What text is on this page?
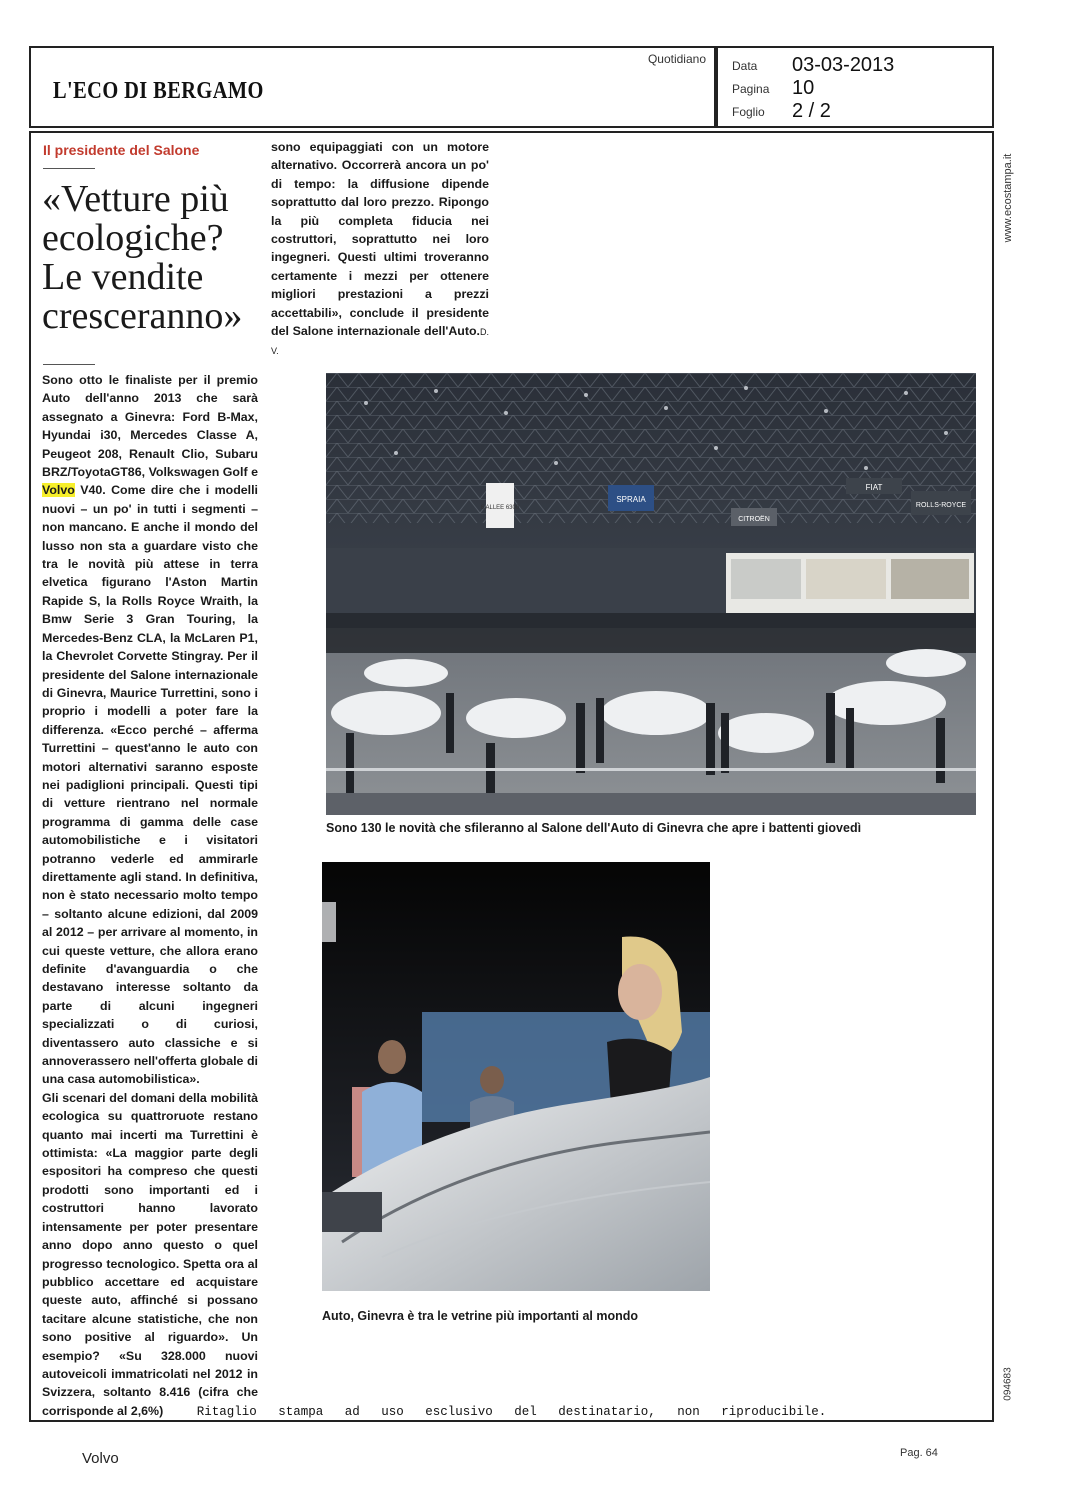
L'ECO DI BERGAMO
Quotidiano Data	03-03-2013
Pagina	10
Foglio	2 / 2
Il presidente del Salone
«Vetture più ecologiche? Le vendite cresceranno»

sono equipaggiati con un motore alternativo. Occorrerà ancora un po' di tempo: la diffusione dipende soprattutto dal loro prezzo. Ripongo la più completa fiducia nei costruttori, soprattutto nei loro ingegneri. Questi ultimi troveranno certamente i mezzi per ottenere migliori prestazioni a prezzi accettabili», conclude il presidente del Salone internazionale dell'Auto.D. V.

Sono otto le finaliste per il premio Auto dell'anno 2013 che sarà assegnato a Ginevra: Ford B-Max, Hyundai i30, Mercedes Classe A, Peugeot 208, Renault Clio, Subaru BRZ/ToyotaGT86, Volkswagen Golf e Volvo V40. Come dire che i modelli nuovi – un po' in tutti i segmenti – non mancano. E anche il mondo del lusso non sta a guardare visto che tra le novità più attese in terra elvetica figurano l'Aston Martin Rapide S, la Rolls Royce Wraith, la Bmw Serie 3 Gran Touring, la Mercedes-Benz CLA, la McLaren P1, la Chevrolet Corvette Stingray. Per il presidente del Salone internazionale di Ginevra, Maurice Turrettini, sono i proprio i modelli a poter fare la differenza. «Ecco perché – afferma Turrettini – quest'anno le auto con motori alternativi saranno esposte nei padiglioni principali. Questi tipi di vetture rientrano nel normale programma di gamma delle case automobilistiche e i visitatori potranno vederle ed ammirarle direttamente agli stand. In definitiva, non è stato necessario molto tempo – soltanto alcune edizioni, dal 2009 al 2012 – per arrivare al momento, in cui queste vetture, che allora erano definite d'avanguardia o che destavano interesse soltanto da parte di alcuni ingegneri specializzati o di curiosi, diventassero auto classiche e si annoverassero nell'offerta globale di una casa automobilistica».

Gli scenari del domani della mobilità ecologica su quattroruote restano quanto mai incerti ma Turrettini è ottimista: «La maggior parte degli espositori ha compreso che questi prodotti sono importanti ed i costruttori hanno lavorato intensamente per poter presentare anno dopo anno questo o quel progresso tecnologico. Spetta ora al pubblico accettare ed acquistare queste auto, affinché si possano tacitare alcune statistiche, che non sono positive al riguardo». Un esempio? «Su 328.000 nuovi autoveicoli immatricolati nel 2012 in Svizzera, soltanto 8.416 (cifra che corrisponde al 2,6%)

6 ALLEE 6300
SPRAIA
CITROËN
FIAT
ROLLS-ROYCE
Sono 130 le novità che sfileranno al Salone dell'Auto di Ginevra che apre i battenti giovedì
Auto, Ginevra è tra le vetrine più importanti al mondo
www.ecostampa.it
094683
Ritaglio stampa ad uso esclusivo del destinatario, non riproducibile.
Volvo	Pag. 64
